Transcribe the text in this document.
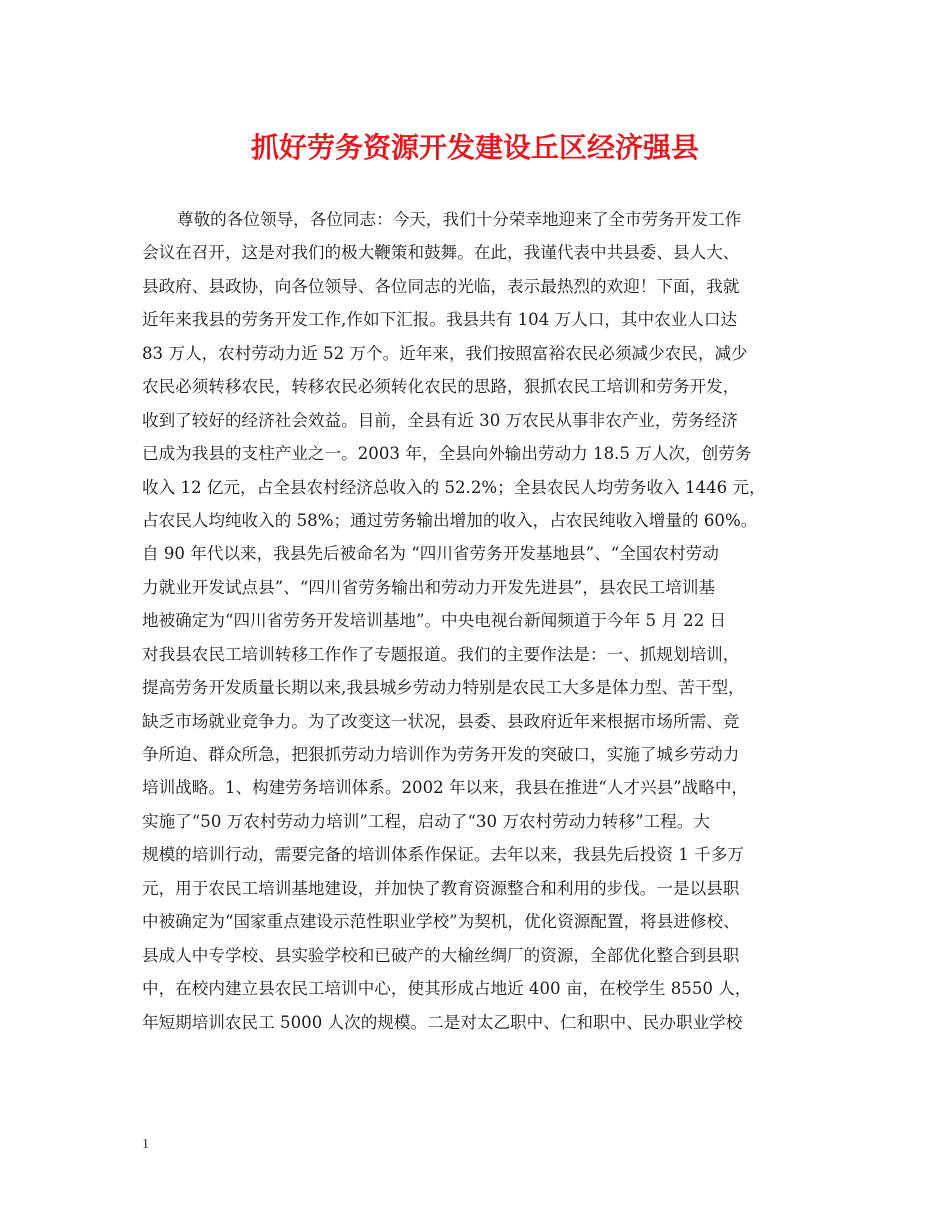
抓好劳务资源开发建设丘区经济强县
尊敬的各位领导，各位同志：今天，我们十分荣幸地迎来了全市劳务开发工作
会议在召开，这是对我们的极大鞭策和鼓舞。在此，我谨代表中共县委、县人大、
县政府、县政协，向各位领导、各位同志的光临，表示最热烈的欢迎！下面，我就
近年来我县的劳务开发工作,作如下汇报。我县共有 104 万人口，其中农业人口达
83 万人，农村劳动力近 52 万个。近年来，我们按照富裕农民必须减少农民，减少
农民必须转移农民，转移农民必须转化农民的思路，狠抓农民工培训和劳务开发，
收到了较好的经济社会效益。目前，全县有近 30 万农民从事非农产业，劳务经济
已成为我县的支柱产业之一。2003 年，全县向外输出劳动力 18.5 万人次，创劳务
收入 12 亿元，占全县农村经济总收入的 52.2%；全县农民人均劳务收入 1446 元，
占农民人均纯收入的 58%；通过劳务输出增加的收入，占农民纯收入增量的 60%。
自 90 年代以来，我县先后被命名为 “四川省劳务开发基地县”、“全国农村劳动
力就业开发试点县”、“四川省劳务输出和劳动力开发先进县”，县农民工培训基
地被确定为“四川省劳务开发培训基地”。中央电视台新闻频道于今年 5 月 22 日
对我县农民工培训转移工作作了专题报道。我们的主要作法是：一、抓规划培训，
提高劳务开发质量长期以来,我县城乡劳动力特别是农民工大多是体力型、苦干型，
缺乏市场就业竞争力。为了改变这一状况，县委、县政府近年来根据市场所需、竞
争所迫、群众所急，把狠抓劳动力培训作为劳务开发的突破口，实施了城乡劳动力
培训战略。1、构建劳务培训体系。2002 年以来，我县在推进“人才兴县”战略中，
实施了“50 万农村劳动力培训”工程，启动了“30 万农村劳动力转移”工程。大
规模的培训行动，需要完备的培训体系作保证。去年以来，我县先后投资 1 千多万
元，用于农民工培训基地建设，并加快了教育资源整合和利用的步伐。一是以县职
中被确定为“国家重点建设示范性职业学校”为契机，优化资源配置，将县进修校、
县成人中专学校、县实验学校和已破产的大榆丝绸厂的资源，全部优化整合到县职
中，在校内建立县农民工培训中心，使其形成占地近 400 亩，在校学生 8550 人，
年短期培训农民工 5000 人次的规模。二是对太乙职中、仁和职中、民办职业学校
1
